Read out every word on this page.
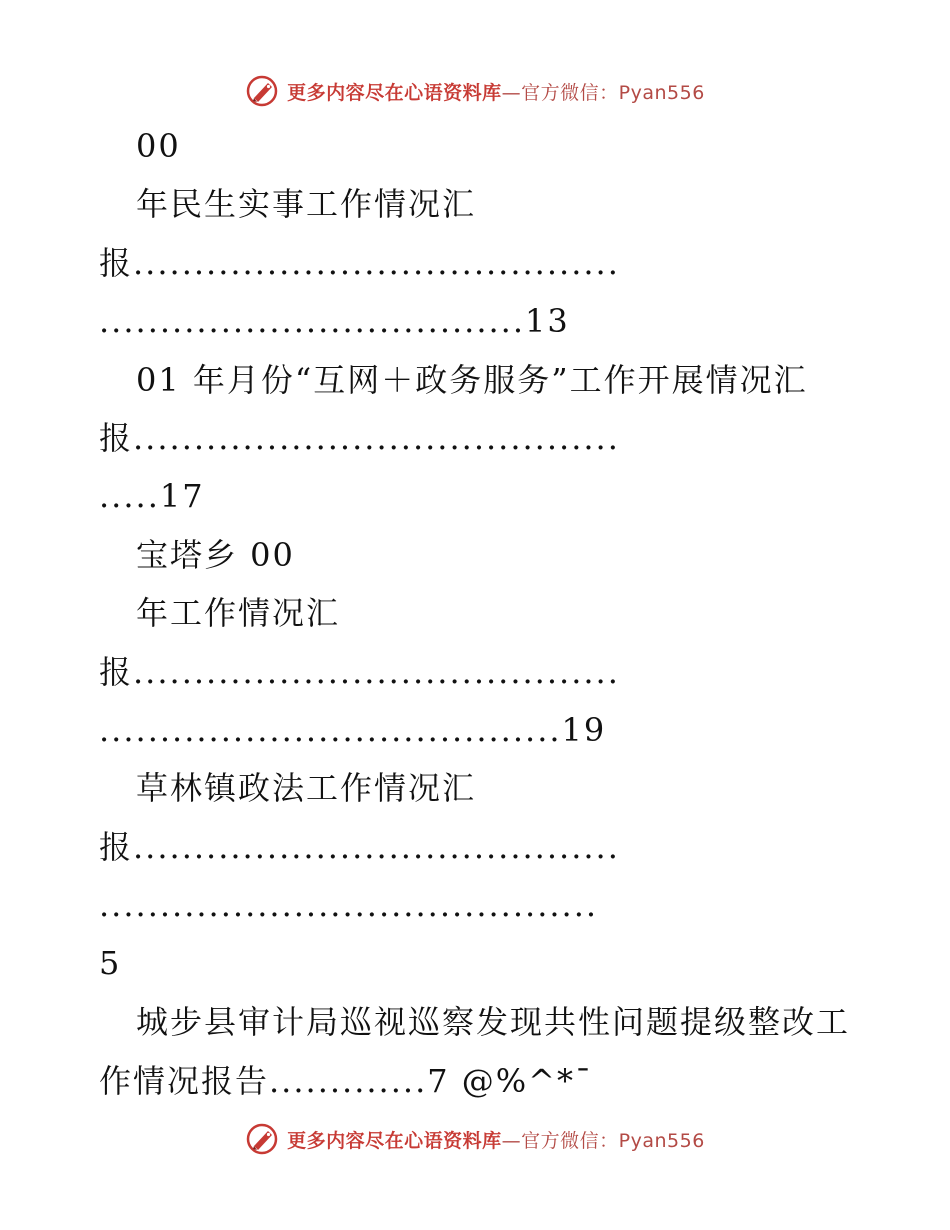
更多内容尽在心语资料库—官方微信：Pyan556
00
年民生实事工作情况汇
报........................................
...................................13
01 年月份“互网＋政务服务”工作开展情况汇
报........................................
.....17
宝塔乡 00
年工作情况汇
报........................................
......................................19
草林镇政法工作情况汇
报........................................
.........................................
5
城步县审计局巡视巡察发现共性问题提级整改工
作情况报告.............7 @%^*¯
更多内容尽在心语资料库—官方微信：Pyan556
